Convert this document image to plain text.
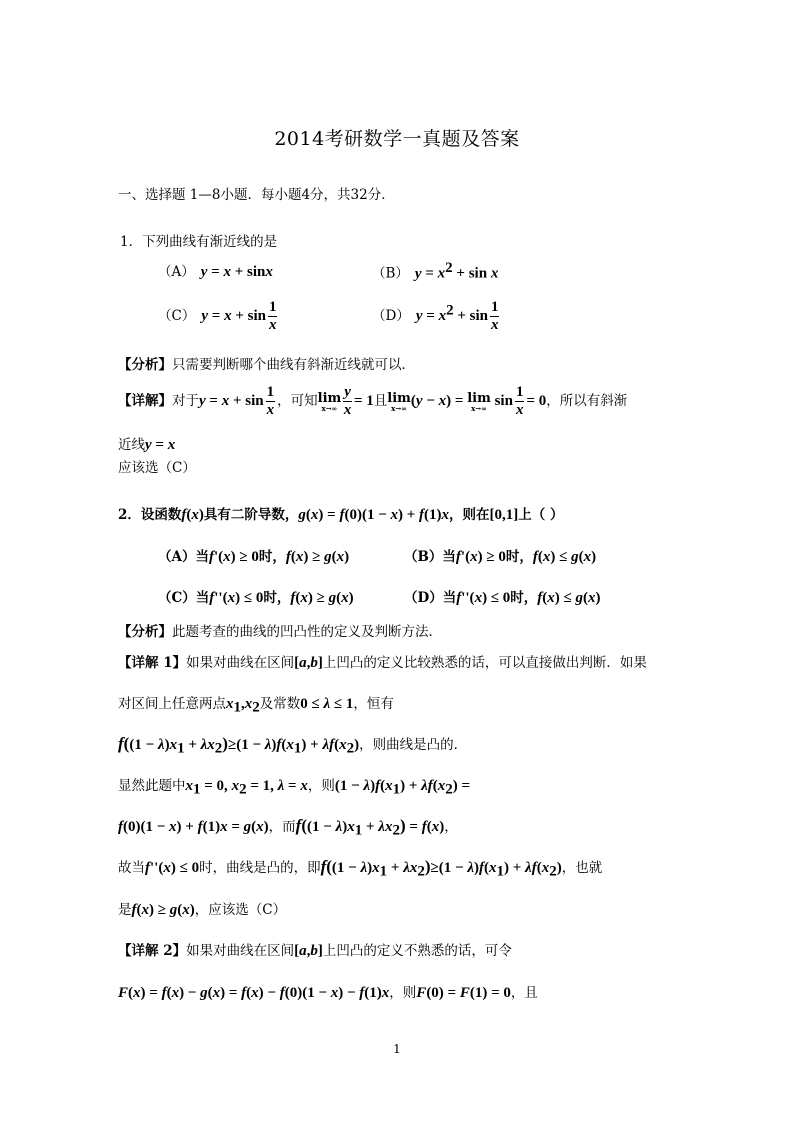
2014考研数学一真题及答案
一、选择题 1—8小题．每小题4分，共32分．
1．下列曲线有渐近线的是
（A） y = x + sinx	（B） $y = x^2 + \sin x$
（C） $y = x + \sin \frac{1}{x}$	（D） $y = x^2 + \sin \frac{1}{x}$
【分析】只需要判断哪个曲线有斜渐近线就可以．
【详解】对于$y = x + \sin \frac{1}{x}$ ，可知 lim
$x\to\infty \frac{y}{x} = 1$且 lim
x→∞ (y − x) = lim
x→∞ $\sin \frac{1}{x} = 0$，所以有斜渐
近线y = x
应该选（C）
2．设函数f(x)具有二阶导数，g(x) = f(0)(1 − x) + f(1)x，则在[0,1]上（ ）
（A）当f'(x) ≥ 0时，f(x) ≥ g(x)	（B）当f'(x) ≥ 0时，f(x) ≤ g(x)
（C）当f''(x) ≤ 0时，f(x) ≥ g(x)	（D）当f''(x) ≤ 0时，f(x) ≤ g(x)
【分析】此题考查的曲线的凹凸性的定义及判断方法．
【详解 1】如果对曲线在区间[a,b]上凹凸的定义比较熟悉的话，可以直接做出判断．如果
对区间上任意两点$x_1,x_2$及常数0 ≤ λ ≤ 1，恒有
$f((1 - \lambda)x_1 + \lambda x_2)\ge(1 - \lambda)f(x_1) + \lambda f(x_2)$，则曲线是凸的．
显然此题中$x_1 = 0$, $x_2 = 1$, λ = x，则$(1 - \lambda)f(x_1) + \lambda f(x_2)$ =
f(0)(1 − x) + f(1)x = g(x)，而$f((1 - \lambda)x_1 + \lambda x_2) = f(x)$，
故当f''(x) ≤ 0时，曲线是凸的，即$f((1 - \lambda)x_1 + \lambda x_2)\ge(1 - \lambda)f(x_1) + \lambda f(x_2)$，也就
是f(x) ≥ g(x)，应该选（C）
【详解 2】如果对曲线在区间[a,b]上凹凸的定义不熟悉的话，可令
F(x) = f(x) − g(x) = f(x) − f(0)(1 − x) − f(1)x，则F(0) = F(1) = 0，且
1
